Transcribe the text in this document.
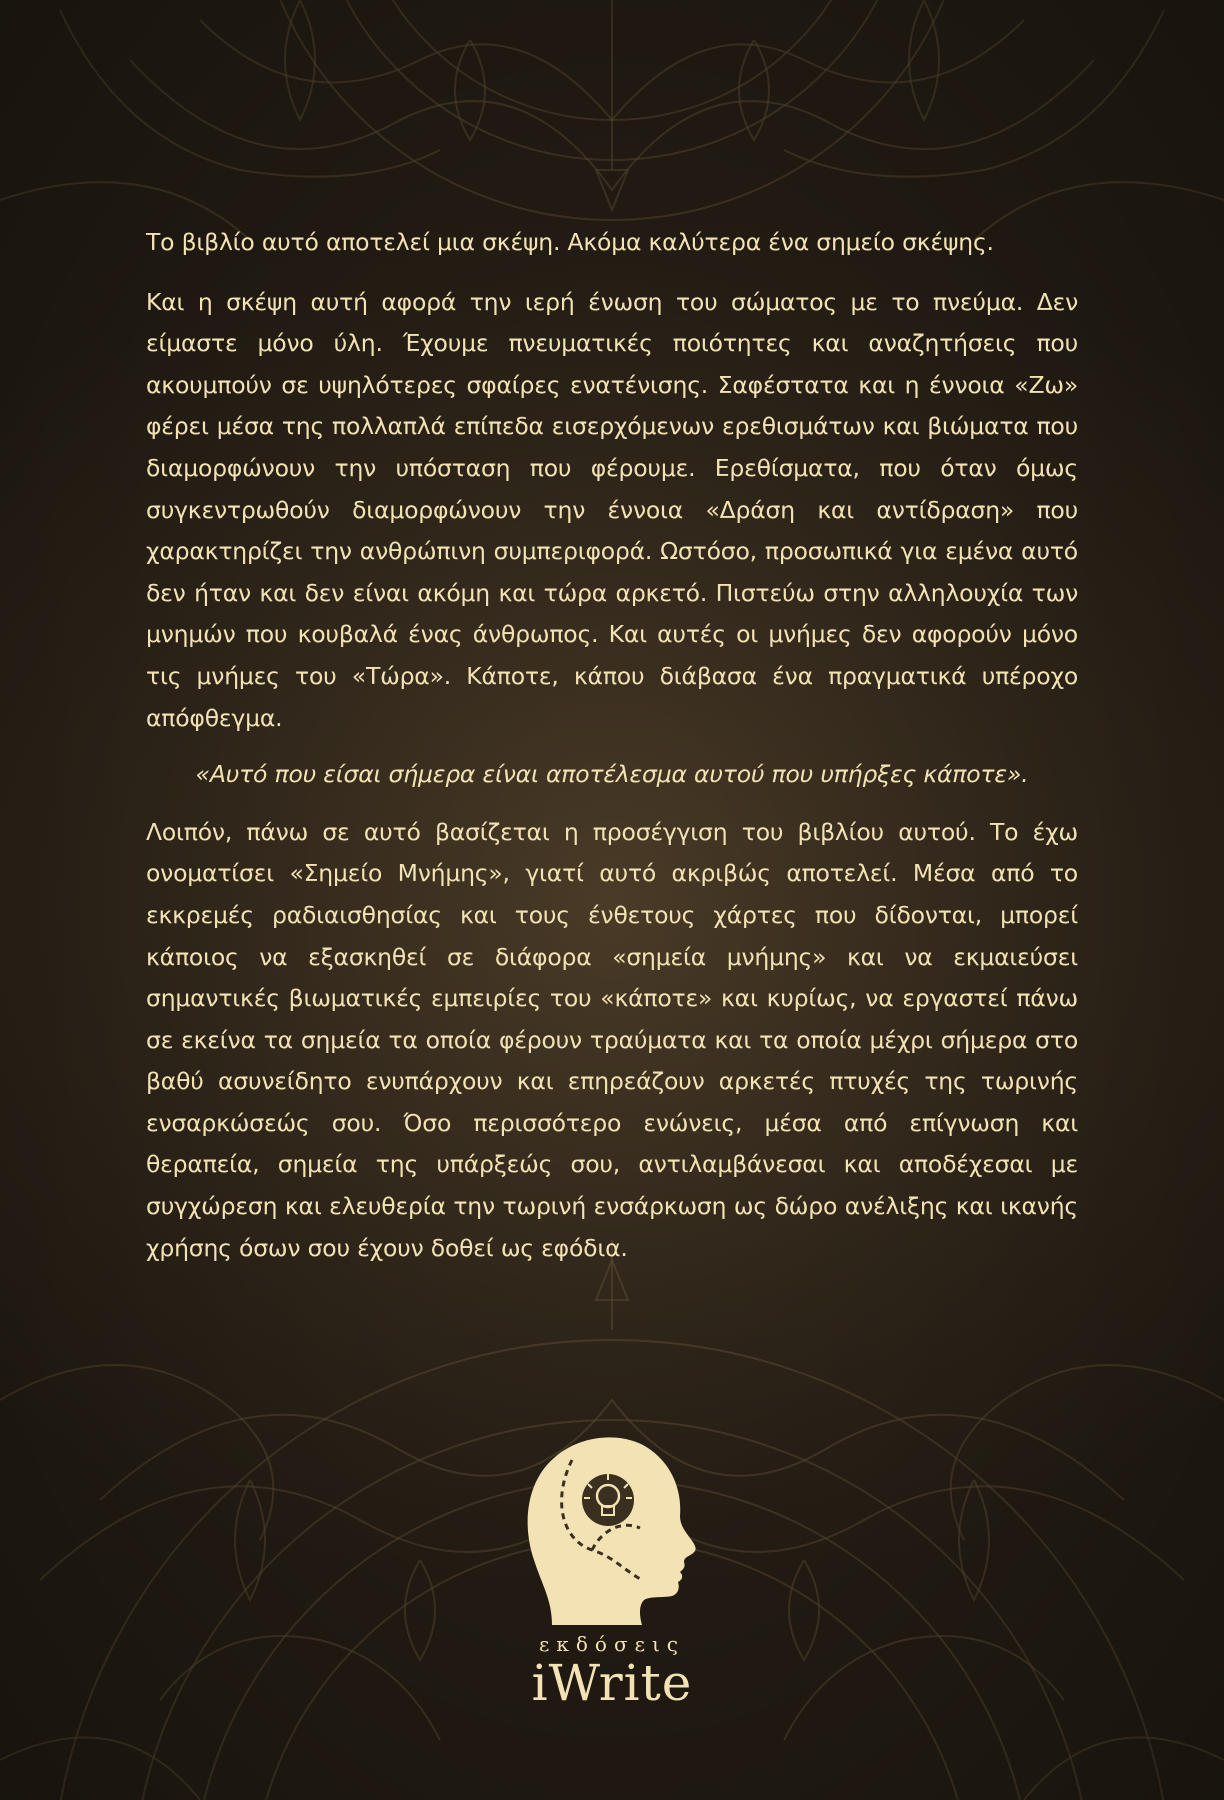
Το βιβλίο αυτό αποτελεί μια σκέψη. Ακόμα καλύτερα ένα σημείο σκέψης.

Και η σκέψη αυτή αφορά την ιερή ένωση του σώματος με το πνεύμα. Δεν είμαστε μόνο ύλη. Έχουμε πνευματικές ποιότητες και αναζητήσεις που ακουμπούν σε υψηλότερες σφαίρες ενατένισης. Σαφέστατα και η έννοια «Ζω» φέρει μέσα της πολλαπλά επίπεδα εισερχόμενων ερεθισμάτων και βιώματα που διαμορφώνουν την υπόσταση που φέρουμε. Ερεθίσματα, που όταν όμως συγκεντρωθούν διαμορφώνουν την έννοια «Δράση και αντίδραση» που χαρακτηρίζει την ανθρώπινη συμπεριφορά. Ωστόσο, προσωπικά για εμένα αυτό δεν ήταν και δεν είναι ακόμη και τώρα αρκετό. Πιστεύω στην αλληλουχία των μνημών που κουβαλά ένας άνθρωπος. Και αυτές οι μνήμες δεν αφορούν μόνο τις μνήμες του «Τώρα». Κάποτε, κάπου διάβασα ένα πραγματικά υπέροχο απόφθεγμα.

«Αυτό που είσαι σήμερα είναι αποτέλεσμα αυτού που υπήρξες κάποτε».

Λοιπόν, πάνω σε αυτό βασίζεται η προσέγγιση του βιβλίου αυτού. Το έχω ονοματίσει «Σημείο Μνήμης», γιατί αυτό ακριβώς αποτελεί. Μέσα από το εκκρεμές ραδιαισθησίας και τους ένθετους χάρτες που δίδονται, μπορεί κάποιος να εξασκηθεί σε διάφορα «σημεία μνήμης» και να εκμαιεύσει σημαντικές βιωματικές εμπειρίες του «κάποτε» και κυρίως, να εργαστεί πάνω σε εκείνα τα σημεία τα οποία φέρουν τραύματα και τα οποία μέχρι σήμερα στο βαθύ ασυνείδητο ενυπάρχουν και επηρεάζουν αρκετές πτυχές της τωρινής ενσαρκώσεώς σου. Όσο περισσότερο ενώνεις, μέσα από επίγνωση και θεραπεία, σημεία της υπάρξεώς σου, αντιλαμβάνεσαι και αποδέχεσαι με συγχώρεση και ελευθερία την τωρινή ενσάρκωση ως δώρο ανέλιξης και ικανής χρήσης όσων σου έχουν δοθεί ως εφόδια.

εκδόσεις
iWrite
